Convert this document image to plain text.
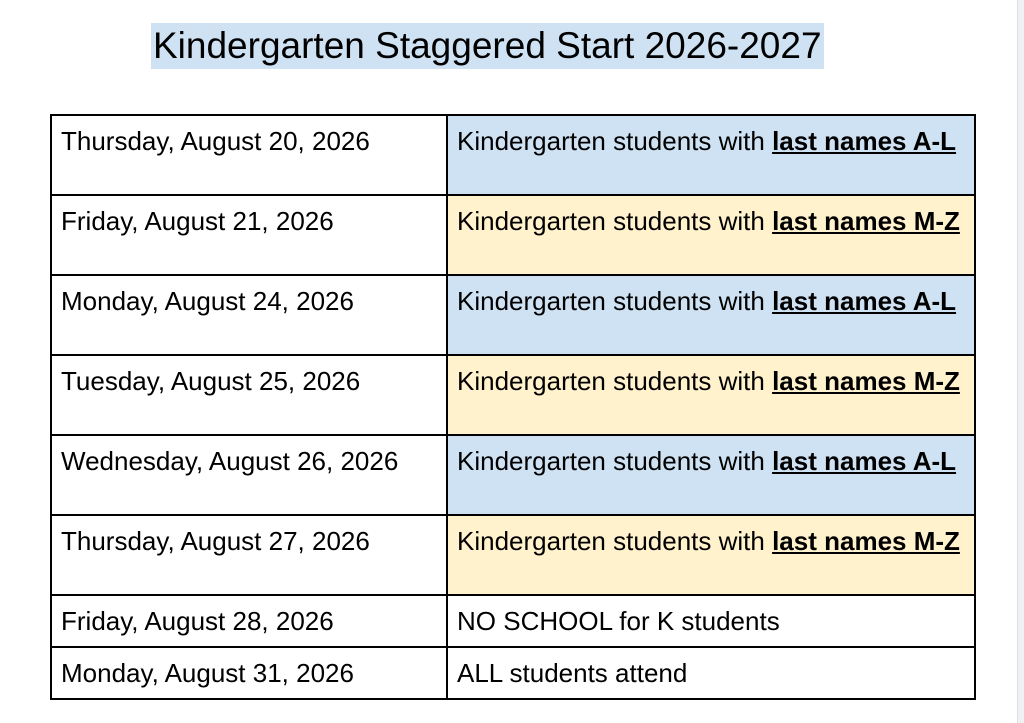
Kindergarten Staggered Start 2026-2027
Thursday, August 20, 2026	Kindergarten students with last names A-L
Friday, August 21, 2026	Kindergarten students with last names M-Z
Monday, August 24, 2026	Kindergarten students with last names A-L
Tuesday, August 25, 2026	Kindergarten students with last names M-Z
Wednesday, August 26, 2026	Kindergarten students with last names A-L
Thursday, August 27, 2026	Kindergarten students with last names M-Z
Friday, August 28, 2026	NO SCHOOL for K students
Monday, August 31, 2026	ALL students attend
